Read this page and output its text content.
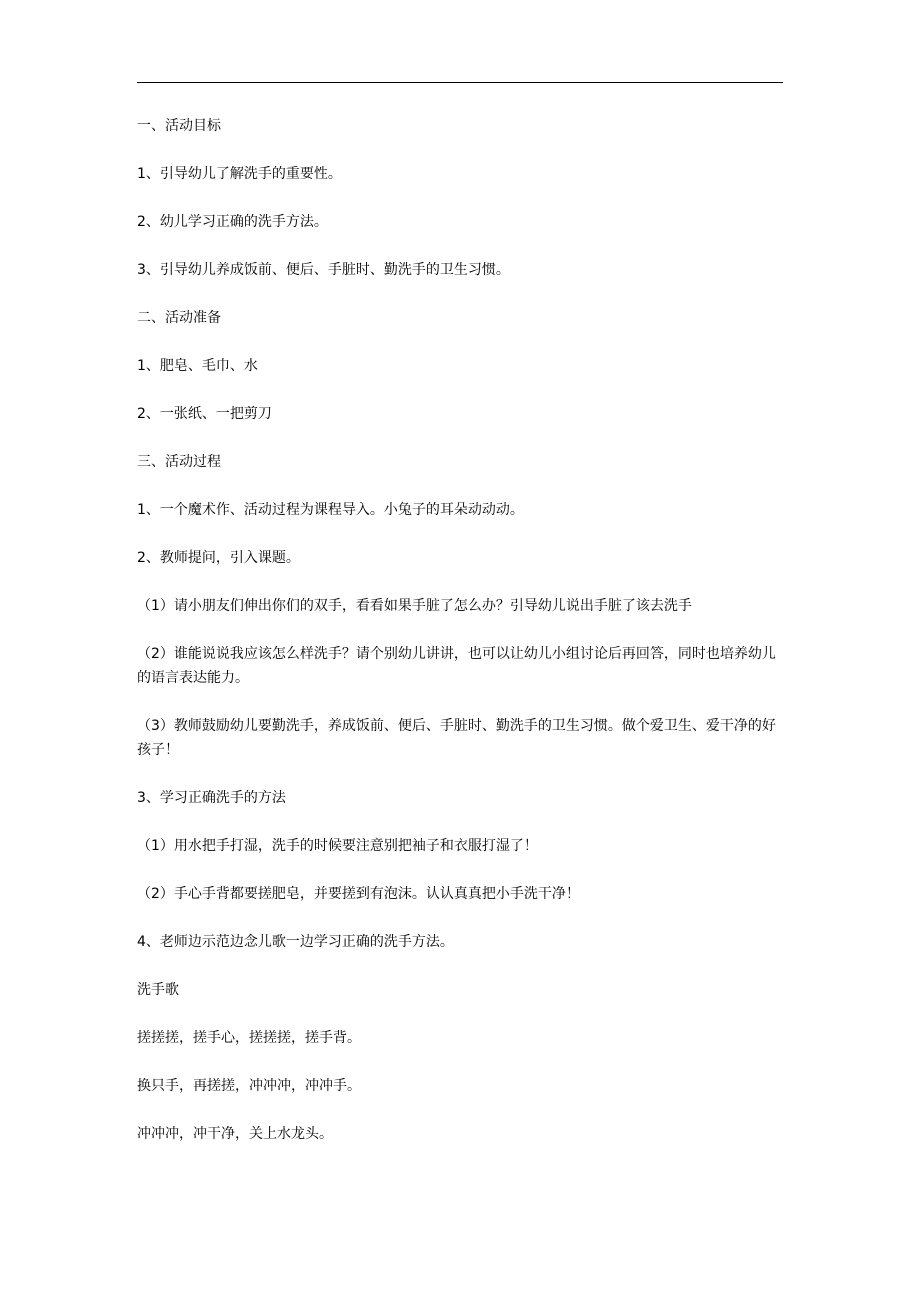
一、活动目标

1、引导幼儿了解洗手的重要性。

2、幼儿学习正确的洗手方法。

3、引导幼儿养成饭前、便后、手脏时、勤洗手的卫生习惯。

二、活动准备

1、肥皂、毛巾、水

2、一张纸、一把剪刀

三、活动过程

1、一个魔术作、活动过程为课程导入。小兔子的耳朵动动动。

2、教师提问，引入课题。

（1）请小朋友们伸出你们的双手，看看如果手脏了怎么办？引导幼儿说出手脏了该去洗手

（2）谁能说说我应该怎么样洗手？请个别幼儿讲讲，也可以让幼儿小组讨论后再回答，同时也培养幼儿的语言表达能力。

（3）教师鼓励幼儿要勤洗手，养成饭前、便后、手脏时、勤洗手的卫生习惯。做个爱卫生、爱干净的好孩子！

3、学习正确洗手的方法

（1）用水把手打湿，洗手的时候要注意别把袖子和衣服打湿了！

（2）手心手背都要搓肥皂，并要搓到有泡沫。认认真真把小手洗干净！

4、老师边示范边念儿歌一边学习正确的洗手方法。

洗手歌

搓搓搓，搓手心，搓搓搓，搓手背。

换只手，再搓搓，冲冲冲，冲冲手。

冲冲冲，冲干净，关上水龙头。
